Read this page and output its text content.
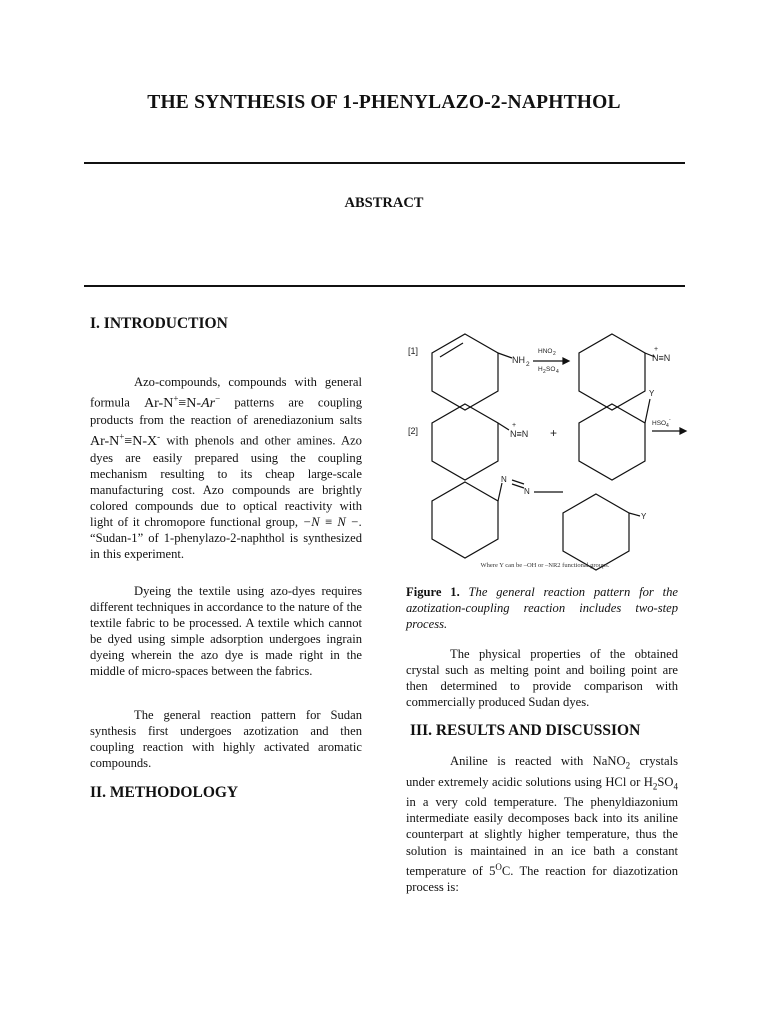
THE SYNTHESIS OF 1-PHENYLAZO-2-NAPHTHOL
ABSTRACT
I. INTRODUCTION

Azo-compounds, compounds with general formula Ar-N+≡N-Ar− patterns are coupling products from the reaction of arenediazonium salts Ar-N+≡N-X- with phenols and other amines. Azo dyes are easily prepared using the coupling mechanism resulting to its cheap large-scale manufacturing cost. Azo compounds are brightly colored compounds due to optical reactivity with light of it chromopore functional group, −N ≡ N −. “Sudan-1” of 1-phenylazo-2-naphthol is synthesized in this experiment.

Dyeing the textile using azo-dyes requires different techniques in accordance to the nature of the textile fabric to be processed. A textile which cannot be dyed using simple adsorption undergoes ingrain dyeing wherein the azo dye is made right in the middle of micro-spaces between the fabrics.

The general reaction pattern for Sudan synthesis first undergoes azotization and then coupling reaction with highly activated aromatic compounds.

II. METHODOLOGY
[1]
[2]
NH 2
HNO 2
H 2 SO 4
N≡N
+
N≡N
+
+
Y
HSO 4
-
N
N
Y
Where Y can be –OH or –NR2 functional groups.

Figure 1. The general reaction pattern for the azotization-coupling reaction includes two-step process.

The physical properties of the obtained crystal such as melting point and boiling point are then determined to provide comparison with commercially produced Sudan dyes.

III. RESULTS AND DISCUSSION

Aniline is reacted with NaNO$_2$ crystals under extremely acidic solutions using HCl or $H_2SO_4$ in a very cold temperature. The phenyldiazonium intermediate easily decomposes back into its aniline counterpart at slightly higher temperature, thus the solution is maintained in an ice bath a constant temperature of $5^OC$. The reaction for diazotization process is:
